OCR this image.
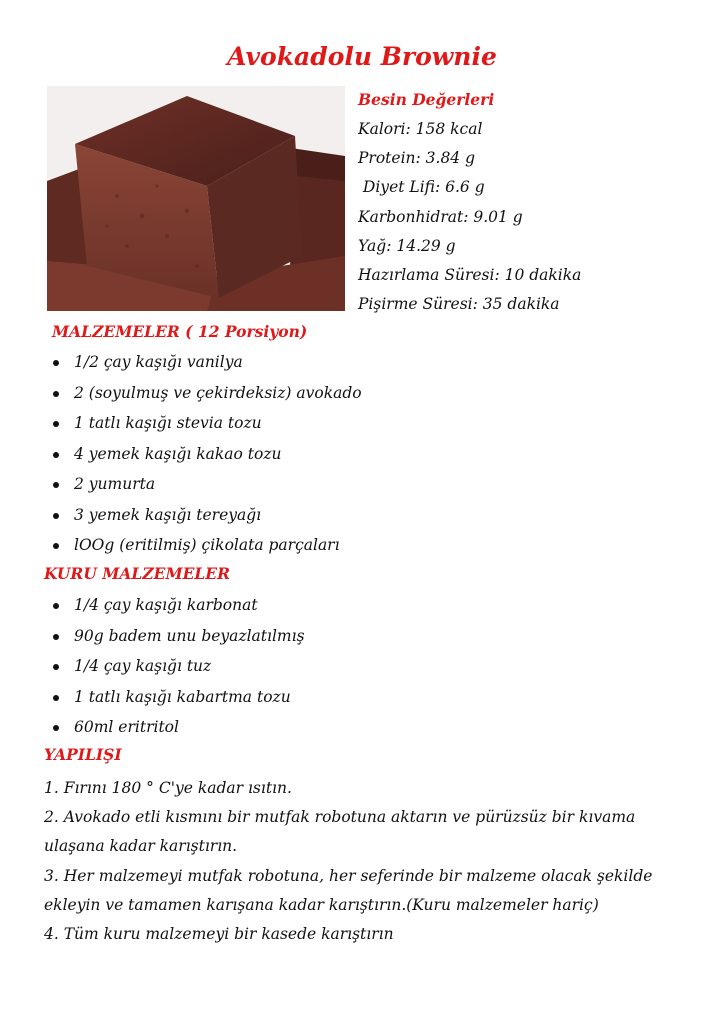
Avokadolu Brownie
Besin Değerleri
Kalori: 158 kcal
Protein: 3.84 g
Diyet Lifi: 6.6 g
Karbonhidrat: 9.01 g
Yağ: 14.29 g
Hazırlama Süresi: 10 dakika
Pişirme Süresi: 35 dakika
MALZEMELER ( 12 Porsiyon)
1/2 çay kaşığı vanilya
2 (soyulmuş ve çekirdeksiz) avokado
1 tatlı kaşığı stevia tozu
4 yemek kaşığı kakao tozu
2 yumurta
3 yemek kaşığı tereyağı
lOOg (eritilmiş) çikolata parçaları
KURU MALZEMELER
1/4 çay kaşığı karbonat
90g badem unu beyazlatılmış
1/4 çay kaşığı tuz
1 tatlı kaşığı kabartma tozu
60ml eritritol
YAPILIŞI

1. Fırını 180 ° C'ye kadar ısıtın.

2. Avokado etli kısmını bir mutfak robotuna aktarın ve pürüzsüz bir kıvama

ulaşana kadar karıştırın.

3. Her malzemeyi mutfak robotuna, her seferinde bir malzeme olacak şekilde

ekleyin ve tamamen karışana kadar karıştırın.(Kuru malzemeler hariç)

4. Tüm kuru malzemeyi bir kasede karıştırın
